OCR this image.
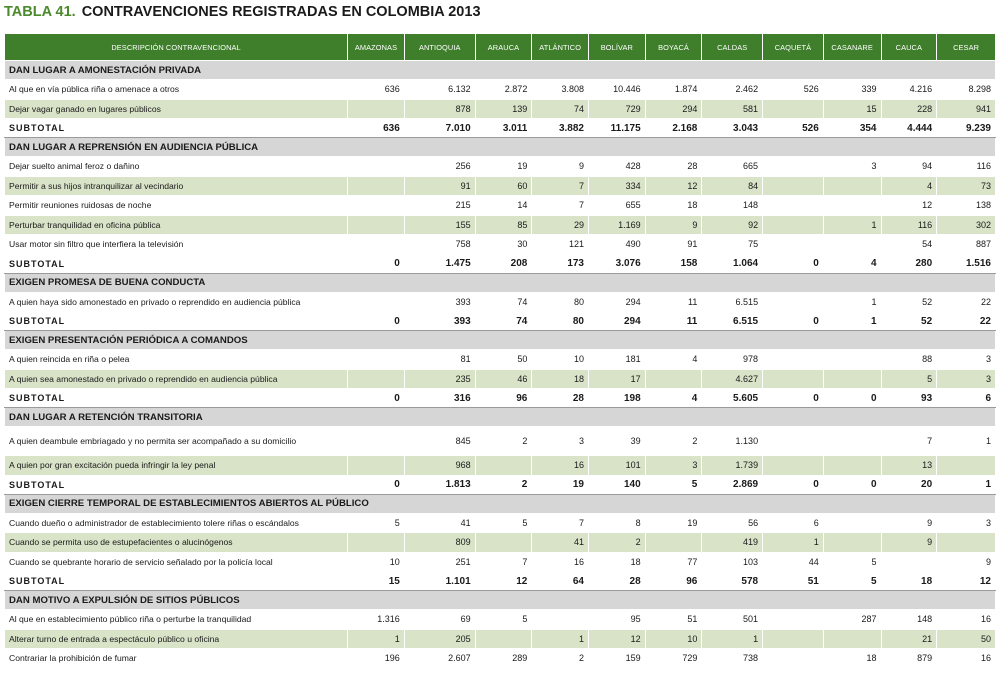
TABLA 41. CONTRAVENCIONES REGISTRADAS EN COLOMBIA 2013
DESCRIPCIÓN CONTRAVENCIONAL	AMAZONAS	ANTIOQUIA	ARAUCA	ATLÁNTICO	BOLÍVAR	BOYACÁ	CALDAS	CAQUETÁ	CASANARE	CAUCA	CESAR
DAN LUGAR A AMONESTACIÓN PRIVADA											
Al que en vía pública riña o amenace a otros	636	6.132	2.872	3.808	10.446	1.874	2.462	526	339	4.216	8.298
Dejar vagar ganado en lugares públicos		878	139	74	729	294	581		15	228	941
SUBTOTAL	636	7.010	3.011	3.882	11.175	2.168	3.043	526	354	4.444	9.239
DAN LUGAR A REPRENSIÓN EN AUDIENCIA PÚBLICA											
Dejar suelto animal feroz o dañino		256	19	9	428	28	665		3	94	116
Permitir a sus hijos intranquilizar al vecindario		91	60	7	334	12	84			4	73
Permitir reuniones ruidosas de noche		215	14	7	655	18	148			12	138
Perturbar tranquilidad en oficina pública		155	85	29	1.169	9	92		1	116	302
Usar motor sin filtro que interfiera la televisión		758	30	121	490	91	75			54	887
SUBTOTAL	0	1.475	208	173	3.076	158	1.064	0	4	280	1.516
EXIGEN PROMESA DE BUENA CONDUCTA											
A quien haya sido amonestado en privado o reprendido en audiencia pública		393	74	80	294	11	6.515		1	52	22
SUBTOTAL	0	393	74	80	294	11	6.515	0	1	52	22
EXIGEN PRESENTACIÓN PERIÓDICA A COMANDOS											
A quien reincida en riña o pelea		81	50	10	181	4	978			88	3
A quien sea amonestado en privado o reprendido en audiencia pública		235	46	18	17		4.627			5	3
SUBTOTAL	0	316	96	28	198	4	5.605	0	0	93	6
DAN LUGAR A RETENCIÓN TRANSITORIA											
A quien deambule embriagado y no permita ser acompañado a su domicilio		845	2	3	39	2	1.130			7	1
A quien por gran excitación pueda infringir la ley penal		968		16	101	3	1.739			13	
SUBTOTAL	0	1.813	2	19	140	5	2.869	0	0	20	1
EXIGEN CIERRE TEMPORAL DE ESTABLECIMIENTOS ABIERTOS AL PÚBLICO											
Cuando dueño o administrador de establecimiento tolere riñas o escándalos	5	41	5	7	8	19	56	6		9	3
Cuando se permita uso de estupefacientes o alucinógenos		809		41	2		419	1		9	
Cuando se quebrante horario de servicio señalado por la policía local	10	251	7	16	18	77	103	44	5		9
SUBTOTAL	15	1.101	12	64	28	96	578	51	5	18	12
DAN MOTIVO A EXPULSIÓN DE SITIOS PÚBLICOS											
Al que en establecimiento público riña o perturbe la tranquilidad	1.316	69	5		95	51	501		287	148	16
Alterar turno de entrada a espectáculo público u oficina	1	205		1	12	10	1			21	50
Contrariar la prohibición de fumar	196	2.607	289	2	159	729	738		18	879	16
